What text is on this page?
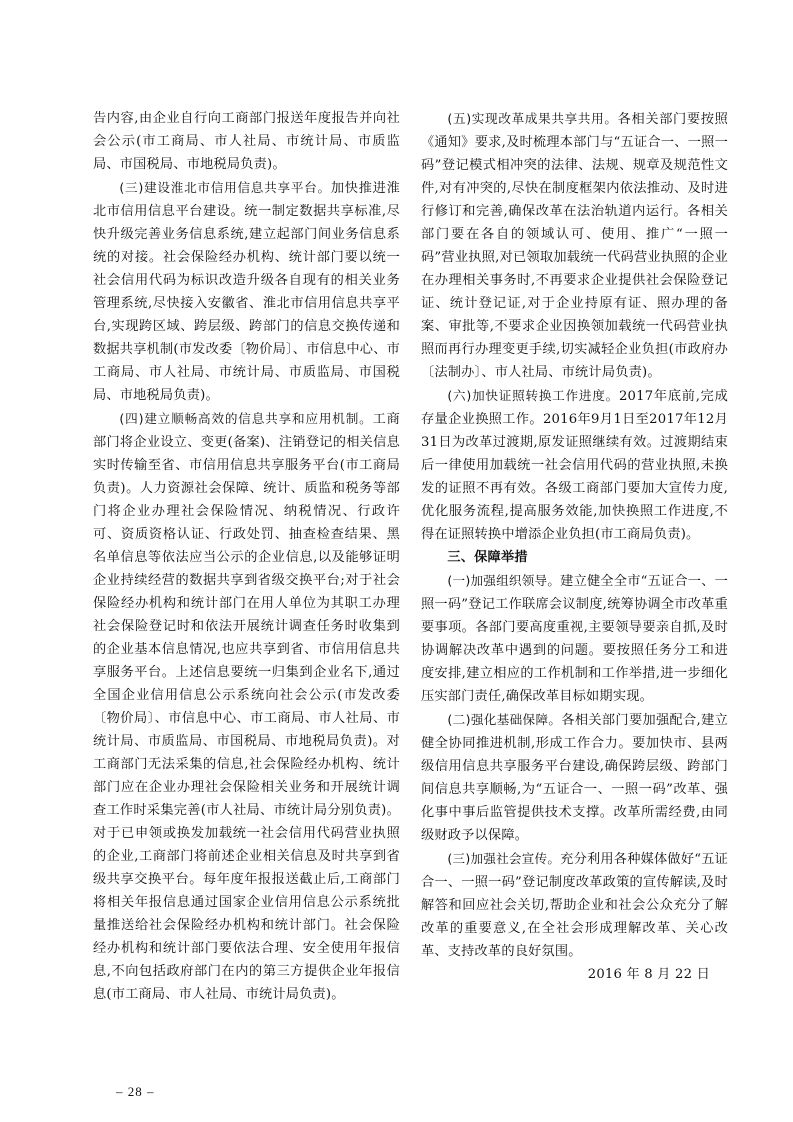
告内容,由企业自行向工商部门报送年度报告并向社会公示(市工商局、市人社局、市统计局、市质监局、市国税局、市地税局负责)。

(三)建设淮北市信用信息共享平台。加快推进淮北市信用信息平台建设。统一制定数据共享标准,尽快升级完善业务信息系统,建立起部门间业务信息系统的对接。社会保险经办机构、统计部门要以统一社会信用代码为标识改造升级各自现有的相关业务管理系统,尽快接入安徽省、淮北市信用信息共享平台,实现跨区域、跨层级、跨部门的信息交换传递和数据共享机制(市发改委〔物价局〕、市信息中心、市工商局、市人社局、市统计局、市质监局、市国税局、市地税局负责)。

(四)建立顺畅高效的信息共享和应用机制。工商部门将企业设立、变更(备案)、注销登记的相关信息实时传输至省、市信用信息共享服务平台(市工商局负责)。人力资源社会保障、统计、质监和税务等部门将企业办理社会保险情况、纳税情况、行政许可、资质资格认证、行政处罚、抽查检查结果、黑名单信息等依法应当公示的企业信息,以及能够证明企业持续经营的数据共享到省级交换平台;对于社会保险经办机构和统计部门在用人单位为其职工办理社会保险登记时和依法开展统计调查任务时收集到的企业基本信息情况,也应共享到省、市信用信息共享服务平台。上述信息要统一归集到企业名下,通过全国企业信用信息公示系统向社会公示(市发改委〔物价局〕、市信息中心、市工商局、市人社局、市统计局、市质监局、市国税局、市地税局负责)。对工商部门无法采集的信息,社会保险经办机构、统计部门应在企业办理社会保险相关业务和开展统计调查工作时采集完善(市人社局、市统计局分别负责)。对于已申领或换发加载统一社会信用代码营业执照的企业,工商部门将前述企业相关信息及时共享到省级共享交换平台。每年度年报报送截止后,工商部门将相关年报信息通过国家企业信用信息公示系统批量推送给社会保险经办机构和统计部门。社会保险经办机构和统计部门要依法合理、安全使用年报信息,不向包括政府部门在内的第三方提供企业年报信息(市工商局、市人社局、市统计局负责)。

(五)实现改革成果共享共用。各相关部门要按照《通知》要求,及时梳理本部门与“五证合一、一照一码”登记模式相冲突的法律、法规、规章及规范性文件,对有冲突的,尽快在制度框架内依法推动、及时进行修订和完善,确保改革在法治轨道内运行。各相关部门要在各自的领域认可、使用、推广“一照一码”营业执照,对已领取加载统一代码营业执照的企业在办理相关事务时,不再要求企业提供社会保险登记证、统计登记证,对于企业持原有证、照办理的备案、审批等,不要求企业因换领加载统一代码营业执照而再行办理变更手续,切实减轻企业负担(市政府办〔法制办〕、市人社局、市统计局负责)。

(六)加快证照转换工作进度。2017年底前,完成存量企业换照工作。2016年9月1日至2017年12月31日为改革过渡期,原发证照继续有效。过渡期结束后一律使用加载统一社会信用代码的营业执照,未换发的证照不再有效。各级工商部门要加大宣传力度,优化服务流程,提高服务效能,加快换照工作进度,不得在证照转换中增添企业负担(市工商局负责)。

三、保障举措

(一)加强组织领导。建立健全全市“五证合一、一照一码”登记工作联席会议制度,统筹协调全市改革重要事项。各部门要高度重视,主要领导要亲自抓,及时协调解决改革中遇到的问题。要按照任务分工和进度安排,建立相应的工作机制和工作举措,进一步细化压实部门责任,确保改革目标如期实现。

(二)强化基础保障。各相关部门要加强配合,建立健全协同推进机制,形成工作合力。要加快市、县两级信用信息共享服务平台建设,确保跨层级、跨部门间信息共享顺畅,为“五证合一、一照一码”改革、强化事中事后监管提供技术支撑。改革所需经费,由同级财政予以保障。

(三)加强社会宣传。充分利用各种媒体做好“五证合一、一照一码”登记制度改革政策的宣传解读,及时解答和回应社会关切,帮助企业和社会公众充分了解改革的重要意义,在全社会形成理解改革、关心改革、支持改革的良好氛围。

2016 年 8 月 22 日

– 28 –
